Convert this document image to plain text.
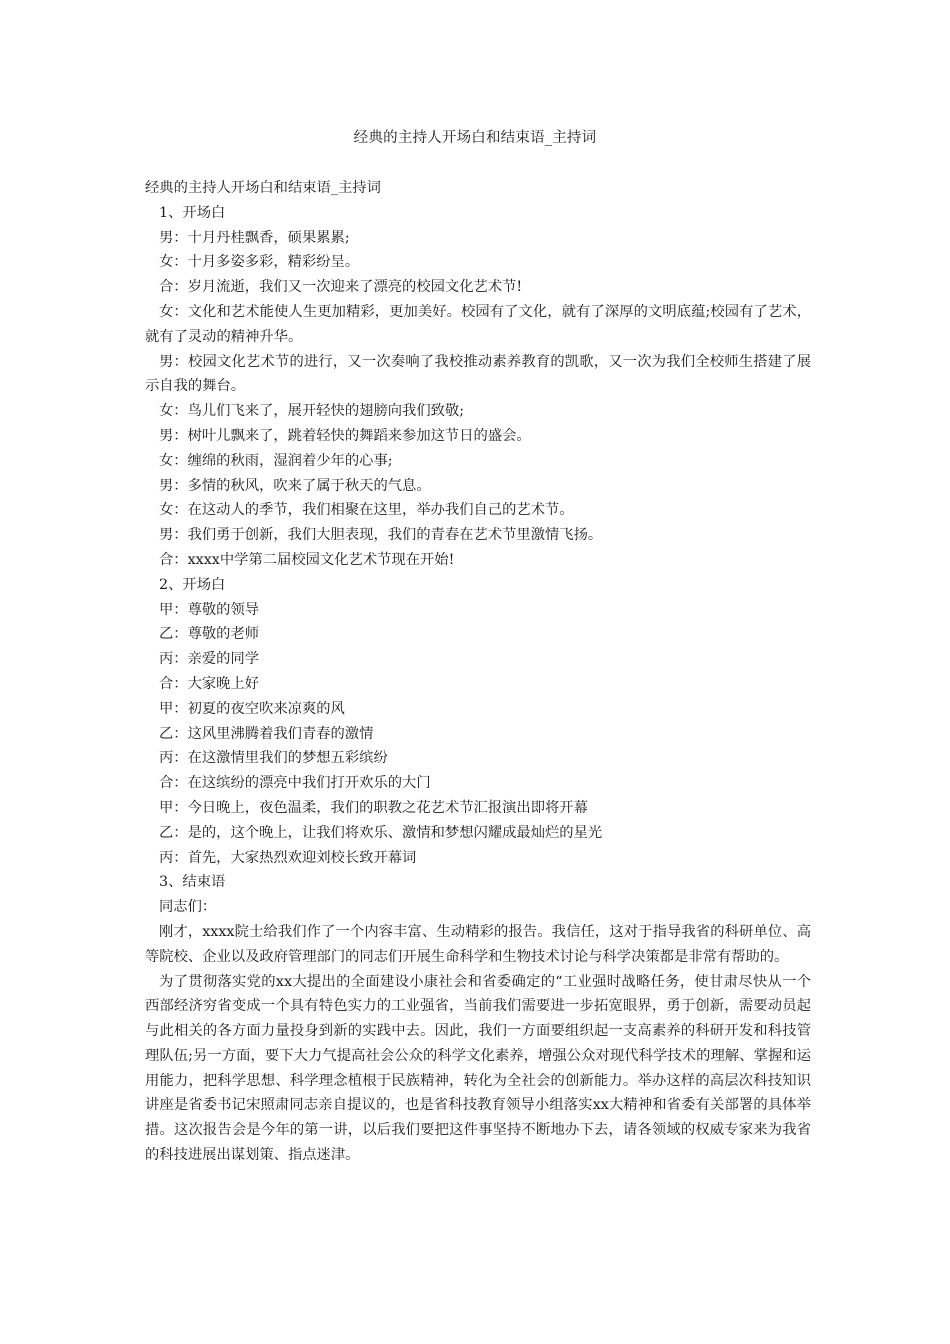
经典的主持人开场白和结束语_主持词

经典的主持人开场白和结束语_主持词

1、开场白

男：十月丹桂飘香，硕果累累;

女：十月多姿多彩，精彩纷呈。

合：岁月流逝，我们又一次迎来了漂亮的校园文化艺术节!

女：文化和艺术能使人生更加精彩，更加美好。校园有了文化，就有了深厚的文明底蕴;校园有了艺术，就有了灵动的精神升华。

男：校园文化艺术节的进行，又一次奏响了我校推动素养教育的凯歌，又一次为我们全校师生搭建了展示自我的舞台。

女：鸟儿们飞来了，展开轻快的翅膀向我们致敬;

男：树叶儿飘来了，跳着轻快的舞蹈来参加这节日的盛会。

女：缠绵的秋雨，湿润着少年的心事;

男：多情的秋风，吹来了属于秋天的气息。

女：在这动人的季节，我们相聚在这里，举办我们自己的艺术节。

男：我们勇于创新，我们大胆表现，我们的青春在艺术节里激情飞扬。

合：xxxx中学第二届校园文化艺术节现在开始!

2、开场白

甲：尊敬的领导

乙：尊敬的老师

丙：亲爱的同学

合：大家晚上好

甲：初夏的夜空吹来凉爽的风

乙：这风里沸腾着我们青春的激情

丙：在这激情里我们的梦想五彩缤纷

合：在这缤纷的漂亮中我们打开欢乐的大门

甲：今日晚上，夜色温柔，我们的职教之花艺术节汇报演出即将开幕

乙：是的，这个晚上，让我们将欢乐、激情和梦想闪耀成最灿烂的星光

丙：首先，大家热烈欢迎刘校长致开幕词

3、结束语

同志们：

刚才，xxxx院士给我们作了一个内容丰富、生动精彩的报告。我信任，这对于指导我省的科研单位、高等院校、企业以及政府管理部门的同志们开展生命科学和生物技术讨论与科学决策都是非常有帮助的。

为了贯彻落实党的xx大提出的全面建设小康社会和省委确定的“工业强时战略任务，使甘肃尽快从一个西部经济穷省变成一个具有特色实力的工业强省，当前我们需要进一步拓宽眼界，勇于创新，需要动员起与此相关的各方面力量投身到新的实践中去。因此，我们一方面要组织起一支高素养的科研开发和科技管理队伍;另一方面，要下大力气提高社会公众的科学文化素养，增强公众对现代科学技术的理解、掌握和运用能力，把科学思想、科学理念植根于民族精神，转化为全社会的创新能力。举办这样的高层次科技知识讲座是省委书记宋照肃同志亲自提议的，也是省科技教育领导小组落实xx大精神和省委有关部署的具体举措。这次报告会是今年的第一讲，以后我们要把这件事坚持不断地办下去，请各领域的权威专家来为我省的科技进展出谋划策、指点迷津。
